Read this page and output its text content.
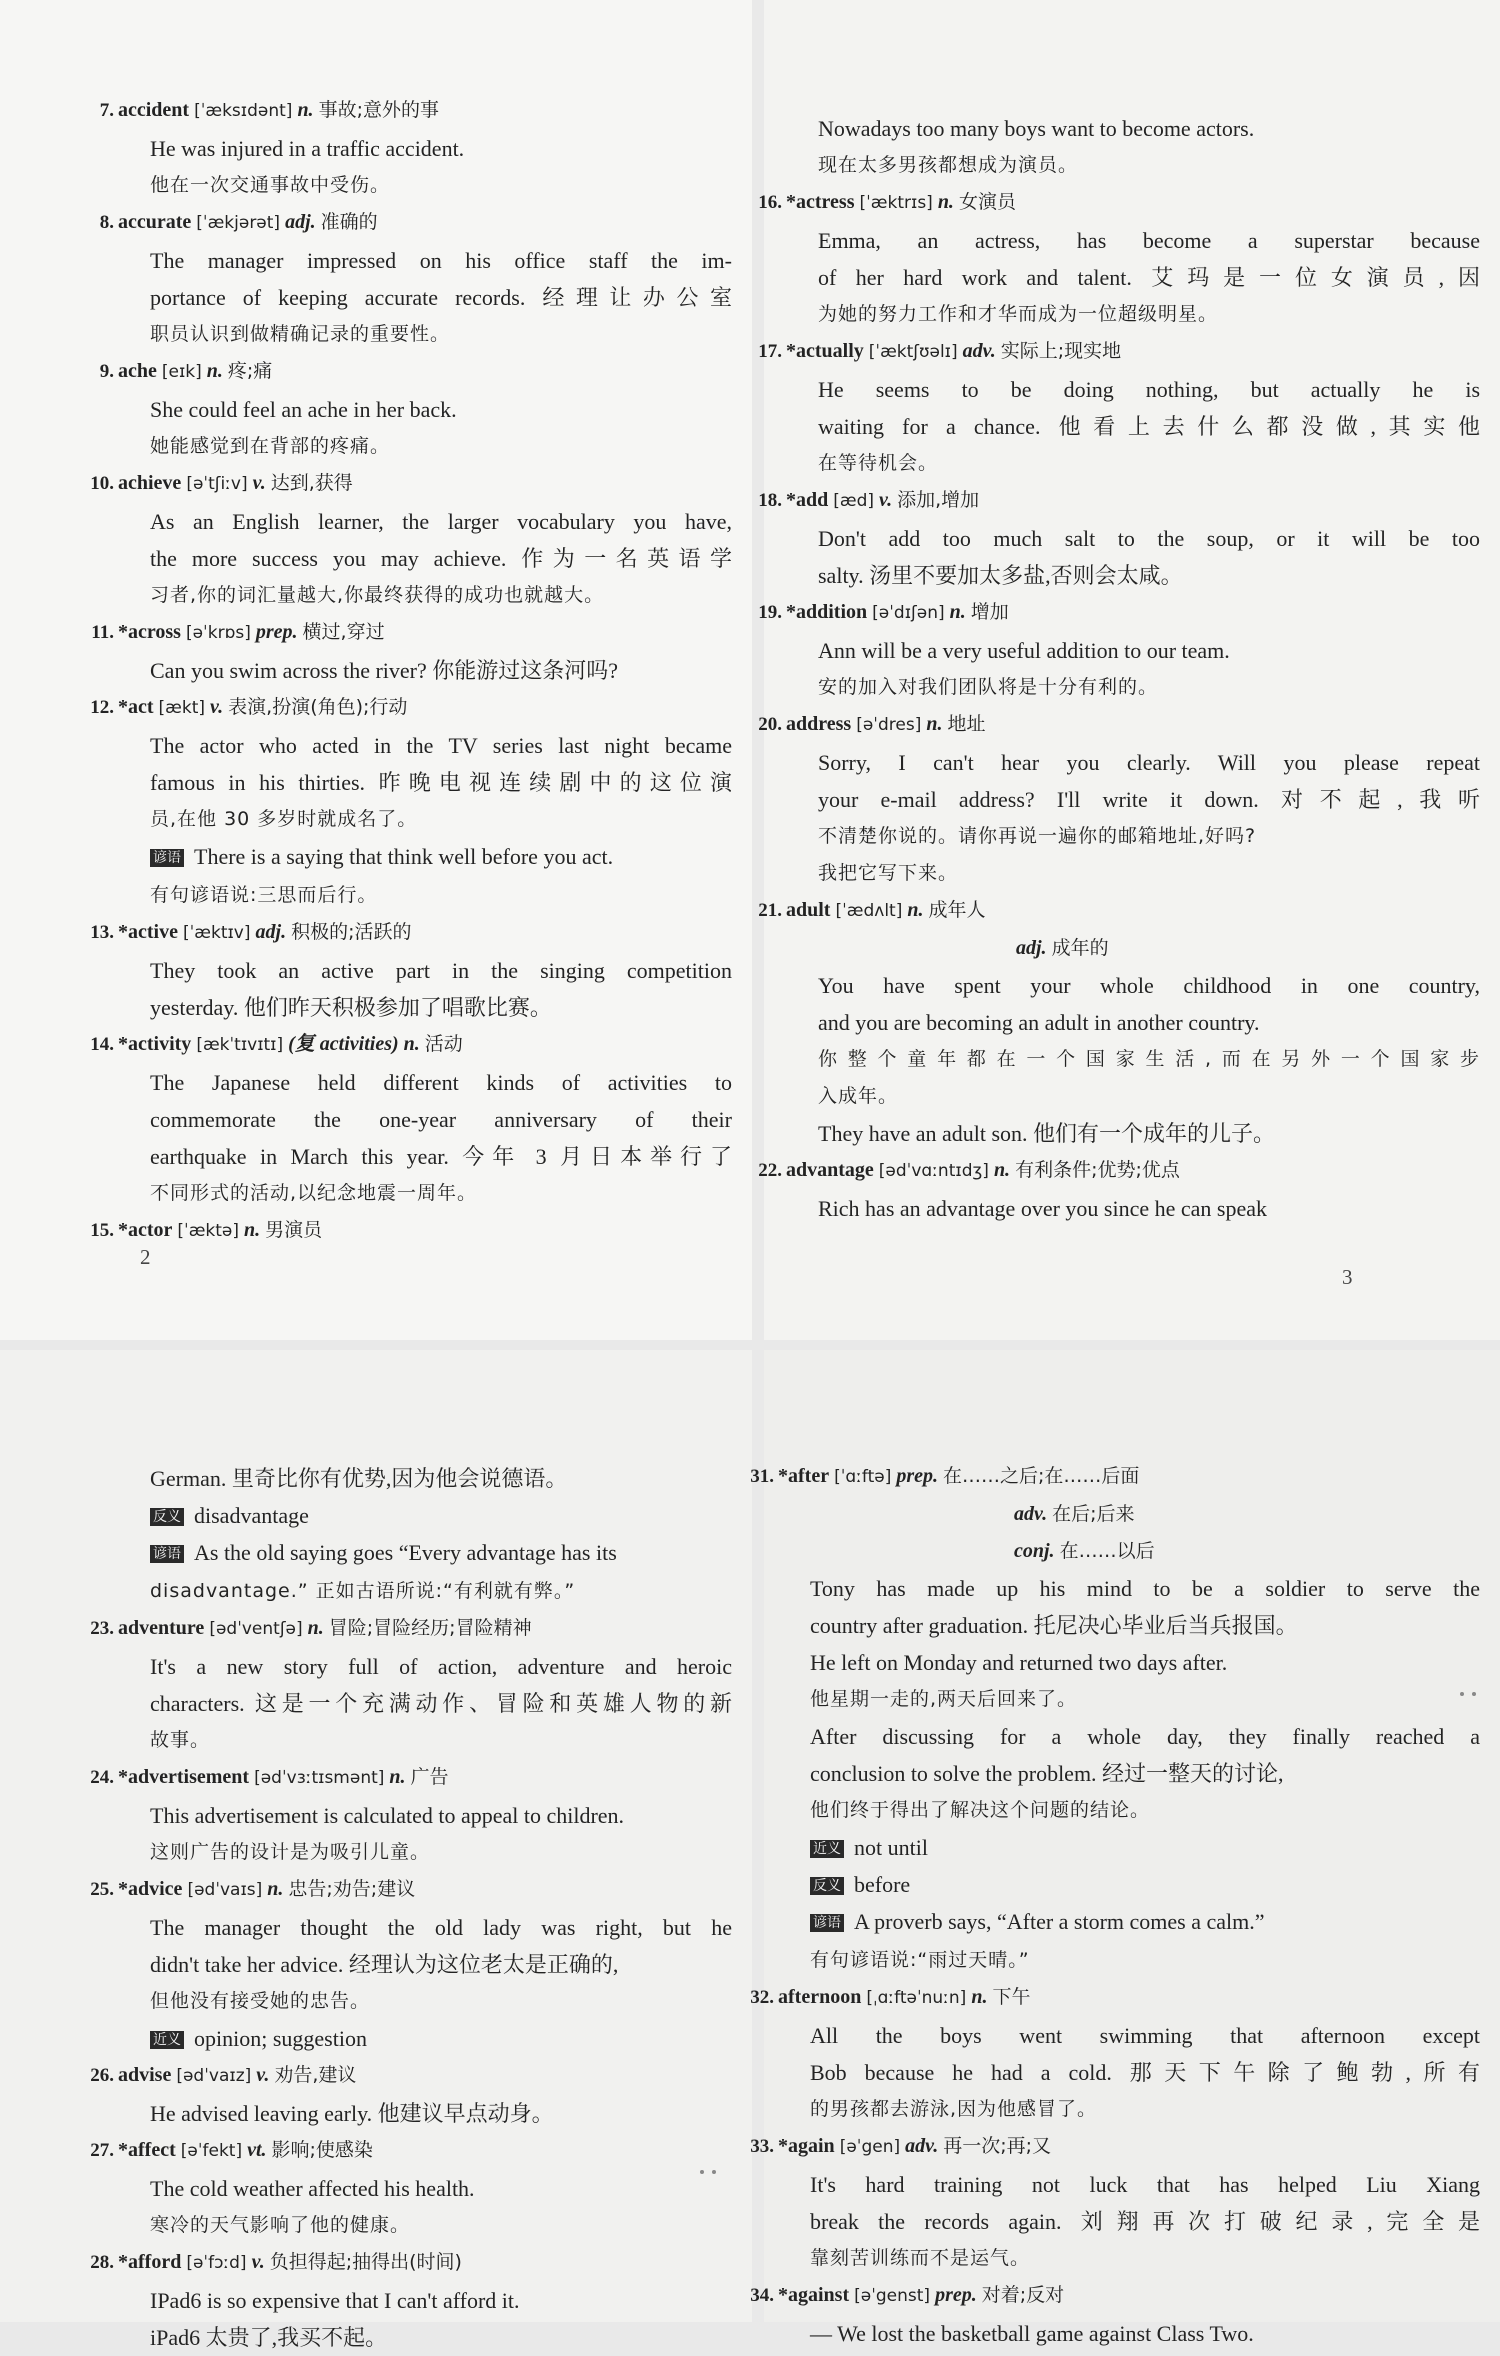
7. accident [ˈæksɪdənt] n. 事故;意外的事
He was injured in a traffic accident.
他在一次交通事故中受伤。
8. accurate [ˈækjərət] adj. 准确的
The manager impressed on his office staff the im-
portance of keeping accurate records. 经理让办公室
职员认识到做精确记录的重要性。
9. ache [eɪk] n. 疼;痛
She could feel an ache in her back.
她能感觉到在背部的疼痛。
10. achieve [əˈtʃiːv] v. 达到,获得
As an English learner, the larger vocabulary you have,
the more success you may achieve. 作为一名英语学
习者,你的词汇量越大,你最终获得的成功也就越大。
11. *across [əˈkrɒs] prep. 横过,穿过
Can you swim across the river? 你能游过这条河吗?
12. *act [ækt] v. 表演,扮演(角色);行动
The actor who acted in the TV series last night became
famous in his thirties. 昨晚电视连续剧中的这位演
员,在他 30 多岁时就成名了。
谚语 There is a saying that think well before you act.
有句谚语说:三思而后行。
13. *active [ˈæktɪv] adj. 积极的;活跃的
They took an active part in the singing competition
yesterday. 他们昨天积极参加了唱歌比赛。
14. *activity [ækˈtɪvɪtɪ] (复 activities) n. 活动
The Japanese held different kinds of activities to
commemorate the one-year anniversary of their
earthquake in March this year. 今年 3 月日本举行了
不同形式的活动,以纪念地震一周年。
15. *actor [ˈæktə] n. 男演员
2
Nowadays too many boys want to become actors.
现在太多男孩都想成为演员。
16. *actress [ˈæktrɪs] n. 女演员
Emma, an actress, has become a superstar because
of her hard work and talent. 艾玛是一位女演员,因
为她的努力工作和才华而成为一位超级明星。
17. *actually [ˈæktʃʊəlɪ] adv. 实际上;现实地
He seems to be doing nothing, but actually he is
waiting for a chance. 他看上去什么都没做,其实他
在等待机会。
18. *add [æd] v. 添加,增加
Don't add too much salt to the soup, or it will be too
salty. 汤里不要加太多盐,否则会太咸。
19. *addition [əˈdɪʃən] n. 增加
Ann will be a very useful addition to our team.
安的加入对我们团队将是十分有利的。
20. address [əˈdres] n. 地址
Sorry, I can't hear you clearly. Will you please repeat
your e-mail address? I'll write it down. 对不起,我听
不清楚你说的。请你再说一遍你的邮箱地址,好吗?
我把它写下来。
21. adult [ˈædʌlt] n. 成年人
adj. 成年的
You have spent your whole childhood in one country,
and you are becoming an adult in another country.
你整个童年都在一个国家生活,而在另外一个国家步
入成年。
They have an adult son. 他们有一个成年的儿子。
22. advantage [ədˈvɑːntɪdʒ] n. 有利条件;优势;优点
Rich has an advantage over you since he can speak
3
German. 里奇比你有优势,因为他会说德语。
反义 disadvantage
谚语 As the old saying goes “Every advantage has its
disadvantage.” 正如古语所说:“有利就有弊。”
23. adventure [ədˈventʃə] n. 冒险;冒险经历;冒险精神
It's a new story full of action, adventure and heroic
characters. 这是一个充满动作、冒险和英雄人物的新
故事。
24. *advertisement [ədˈvɜːtɪsmənt] n. 广告
This advertisement is calculated to appeal to children.
这则广告的设计是为吸引儿童。
25. *advice [ədˈvaɪs] n. 忠告;劝告;建议
The manager thought the old lady was right, but he
didn't take her advice. 经理认为这位老太是正确的,
但他没有接受她的忠告。
近义 opinion; suggestion
26. advise [ədˈvaɪz] v. 劝告,建议
He advised leaving early. 他建议早点动身。
27. *affect [əˈfekt] vt. 影响;使感染
The cold weather affected his health.
寒冷的天气影响了他的健康。
28. *afford [əˈfɔːd] v. 负担得起;抽得出(时间)
IPad6 is so expensive that I can't afford it.
iPad6 太贵了,我买不起。
31. *after [ˈɑːftə] prep. 在……之后;在……后面
adv. 在后;后来
conj. 在……以后
Tony has made up his mind to be a soldier to serve the
country after graduation. 托尼决心毕业后当兵报国。
He left on Monday and returned two days after.
他星期一走的,两天后回来了。
After discussing for a whole day, they finally reached a
conclusion to solve the problem. 经过一整天的讨论,
他们终于得出了解决这个问题的结论。
近义 not until
反义 before
谚语 A proverb says, “After a storm comes a calm.”
有句谚语说:“雨过天晴。”
32. afternoon [ˌɑːftəˈnuːn] n. 下午
All the boys went swimming that afternoon except
Bob because he had a cold. 那天下午除了鲍勃,所有
的男孩都去游泳,因为他感冒了。
33. *again [əˈgen] adv. 再一次;再;又
It's hard training not luck that has helped Liu Xiang
break the records again. 刘翔再次打破纪录,完全是
靠刻苦训练而不是运气。
34. *against [əˈgenst] prep. 对着;反对
— We lost the basketball game against Class Two.
